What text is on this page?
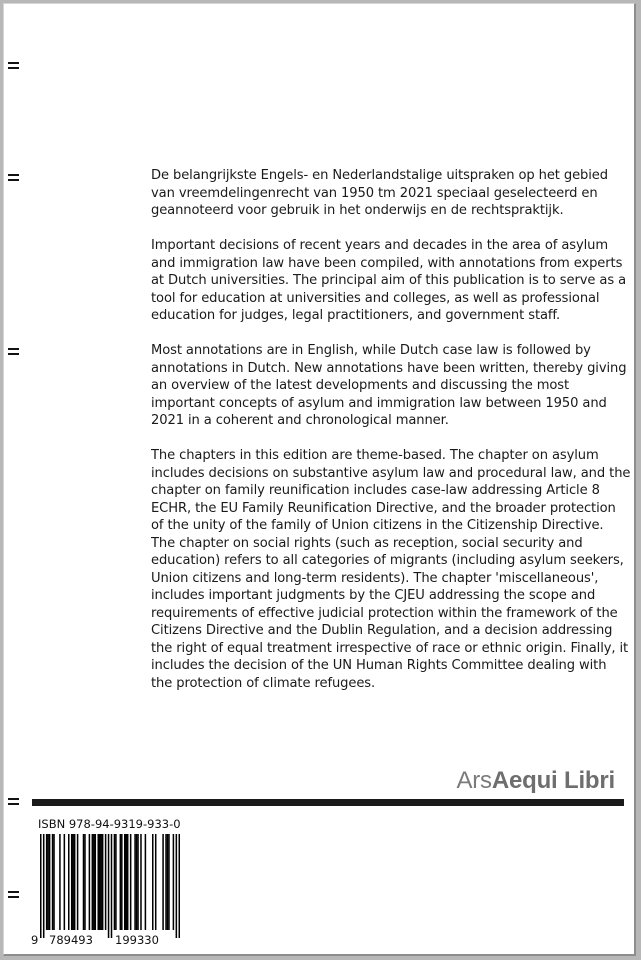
De belangrijkste Engels- en Nederlandstalige uitspraken op het gebied van vreemdelingenrecht van 1950 tm 2021 speciaal geselecteerd en geannoteerd voor gebruik in het onderwijs en de rechtspraktijk.

Important decisions of recent years and decades in the area of asylum and immigration law have been compiled, with annotations from experts at Dutch universities. The principal aim of this publication is to serve as a tool for education at universities and colleges, as well as professional education for judges, legal practitioners, and government staff.

Most annotations are in English, while Dutch case law is followed by annotations in Dutch. New annotations have been written, thereby giving an overview of the latest developments and discussing the most important concepts of asylum and immigration law between 1950 and 2021 in a coherent and chronological manner.

The chapters in this edition are theme-based. The chapter on asylum includes decisions on substantive asylum law and procedural law, and the chapter on family reunification includes case-law addressing Article 8 ECHR, the EU Family Reunification Directive, and the broader protection of the unity of the family of Union citizens in the Citizenship Directive. The chapter on social rights (such as reception, social security and education) refers to all categories of migrants (including asylum seekers, Union citizens and long-term residents). The chapter 'miscellaneous', includes important judgments by the CJEU addressing the scope and requirements of effective judicial protection within the framework of the Citizens Directive and the Dublin Regulation, and a decision addressing the right of equal treatment irrespective of race or ethnic origin. Finally, it includes the decision of the UN Human Rights Committee dealing with the protection of climate refugees.

ArsAequi Libri
ISBN 978-94-9319-933-0
9 789493 199330
